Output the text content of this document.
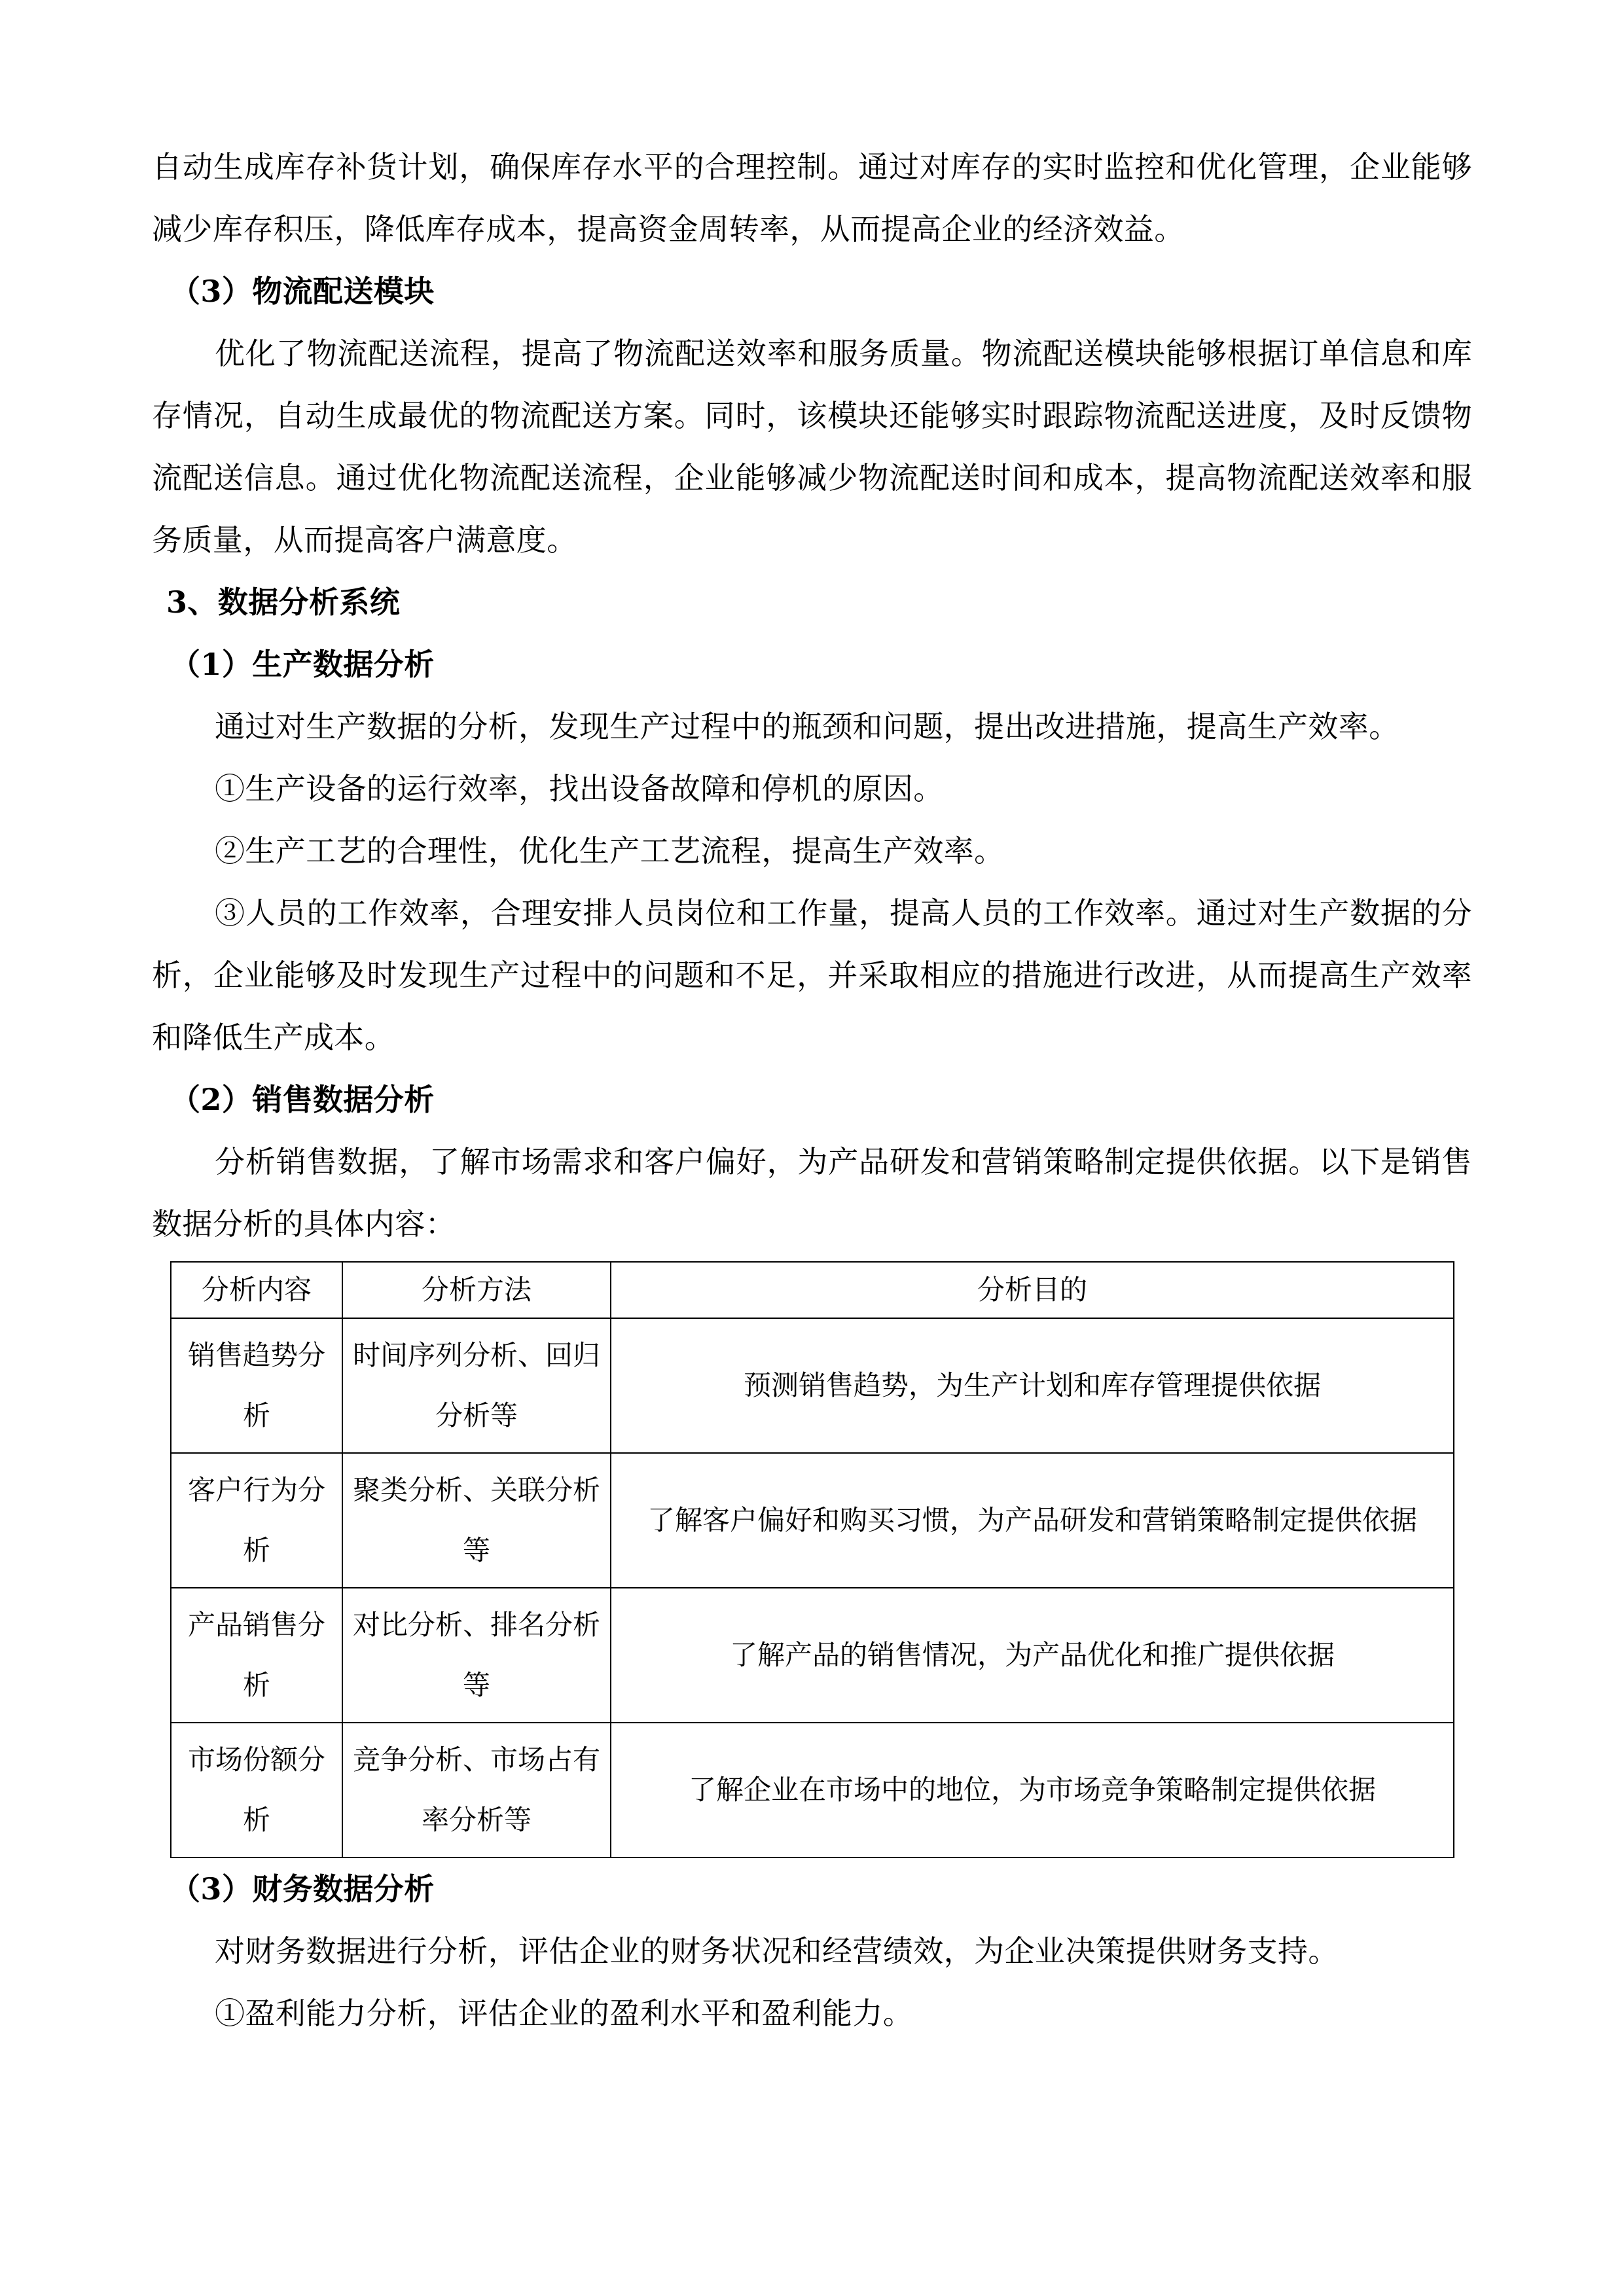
自动生成库存补货计划，确保库存水平的合理控制。通过对库存的实时监控和优化管理，企业能够减少库存积压，降低库存成本，提高资金周转率，从而提高企业的经济效益。

（3）物流配送模块

优化了物流配送流程，提高了物流配送效率和服务质量。物流配送模块能够根据订单信息和库存情况，自动生成最优的物流配送方案。同时，该模块还能够实时跟踪物流配送进度，及时反馈物流配送信息。通过优化物流配送流程，企业能够减少物流配送时间和成本，提高物流配送效率和服务质量，从而提高客户满意度。

3、数据分析系统
（1）生产数据分析

通过对生产数据的分析，发现生产过程中的瓶颈和问题，提出改进措施，提高生产效率。

①生产设备的运行效率，找出设备故障和停机的原因。

②生产工艺的合理性，优化生产工艺流程，提高生产效率。

③人员的工作效率，合理安排人员岗位和工作量，提高人员的工作效率。通过对生产数据的分析，企业能够及时发现生产过程中的问题和不足，并采取相应的措施进行改进，从而提高生产效率和降低生产成本。

（2）销售数据分析

分析销售数据，了解市场需求和客户偏好，为产品研发和营销策略制定提供依据。以下是销售数据分析的具体内容：

分析内容	分析方法	分析目的
销售趋势分析	时间序列分析、回归分析等	预测销售趋势，为生产计划和库存管理提供依据
客户行为分析	聚类分析、关联分析等	了解客户偏好和购买习惯，为产品研发和营销策略制定提供依据
产品销售分析	对比分析、排名分析等	了解产品的销售情况，为产品优化和推广提供依据
市场份额分析	竞争分析、市场占有率分析等	了解企业在市场中的地位，为市场竞争策略制定提供依据
（3）财务数据分析

对财务数据进行分析，评估企业的财务状况和经营绩效，为企业决策提供财务支持。

①盈利能力分析，评估企业的盈利水平和盈利能力。
